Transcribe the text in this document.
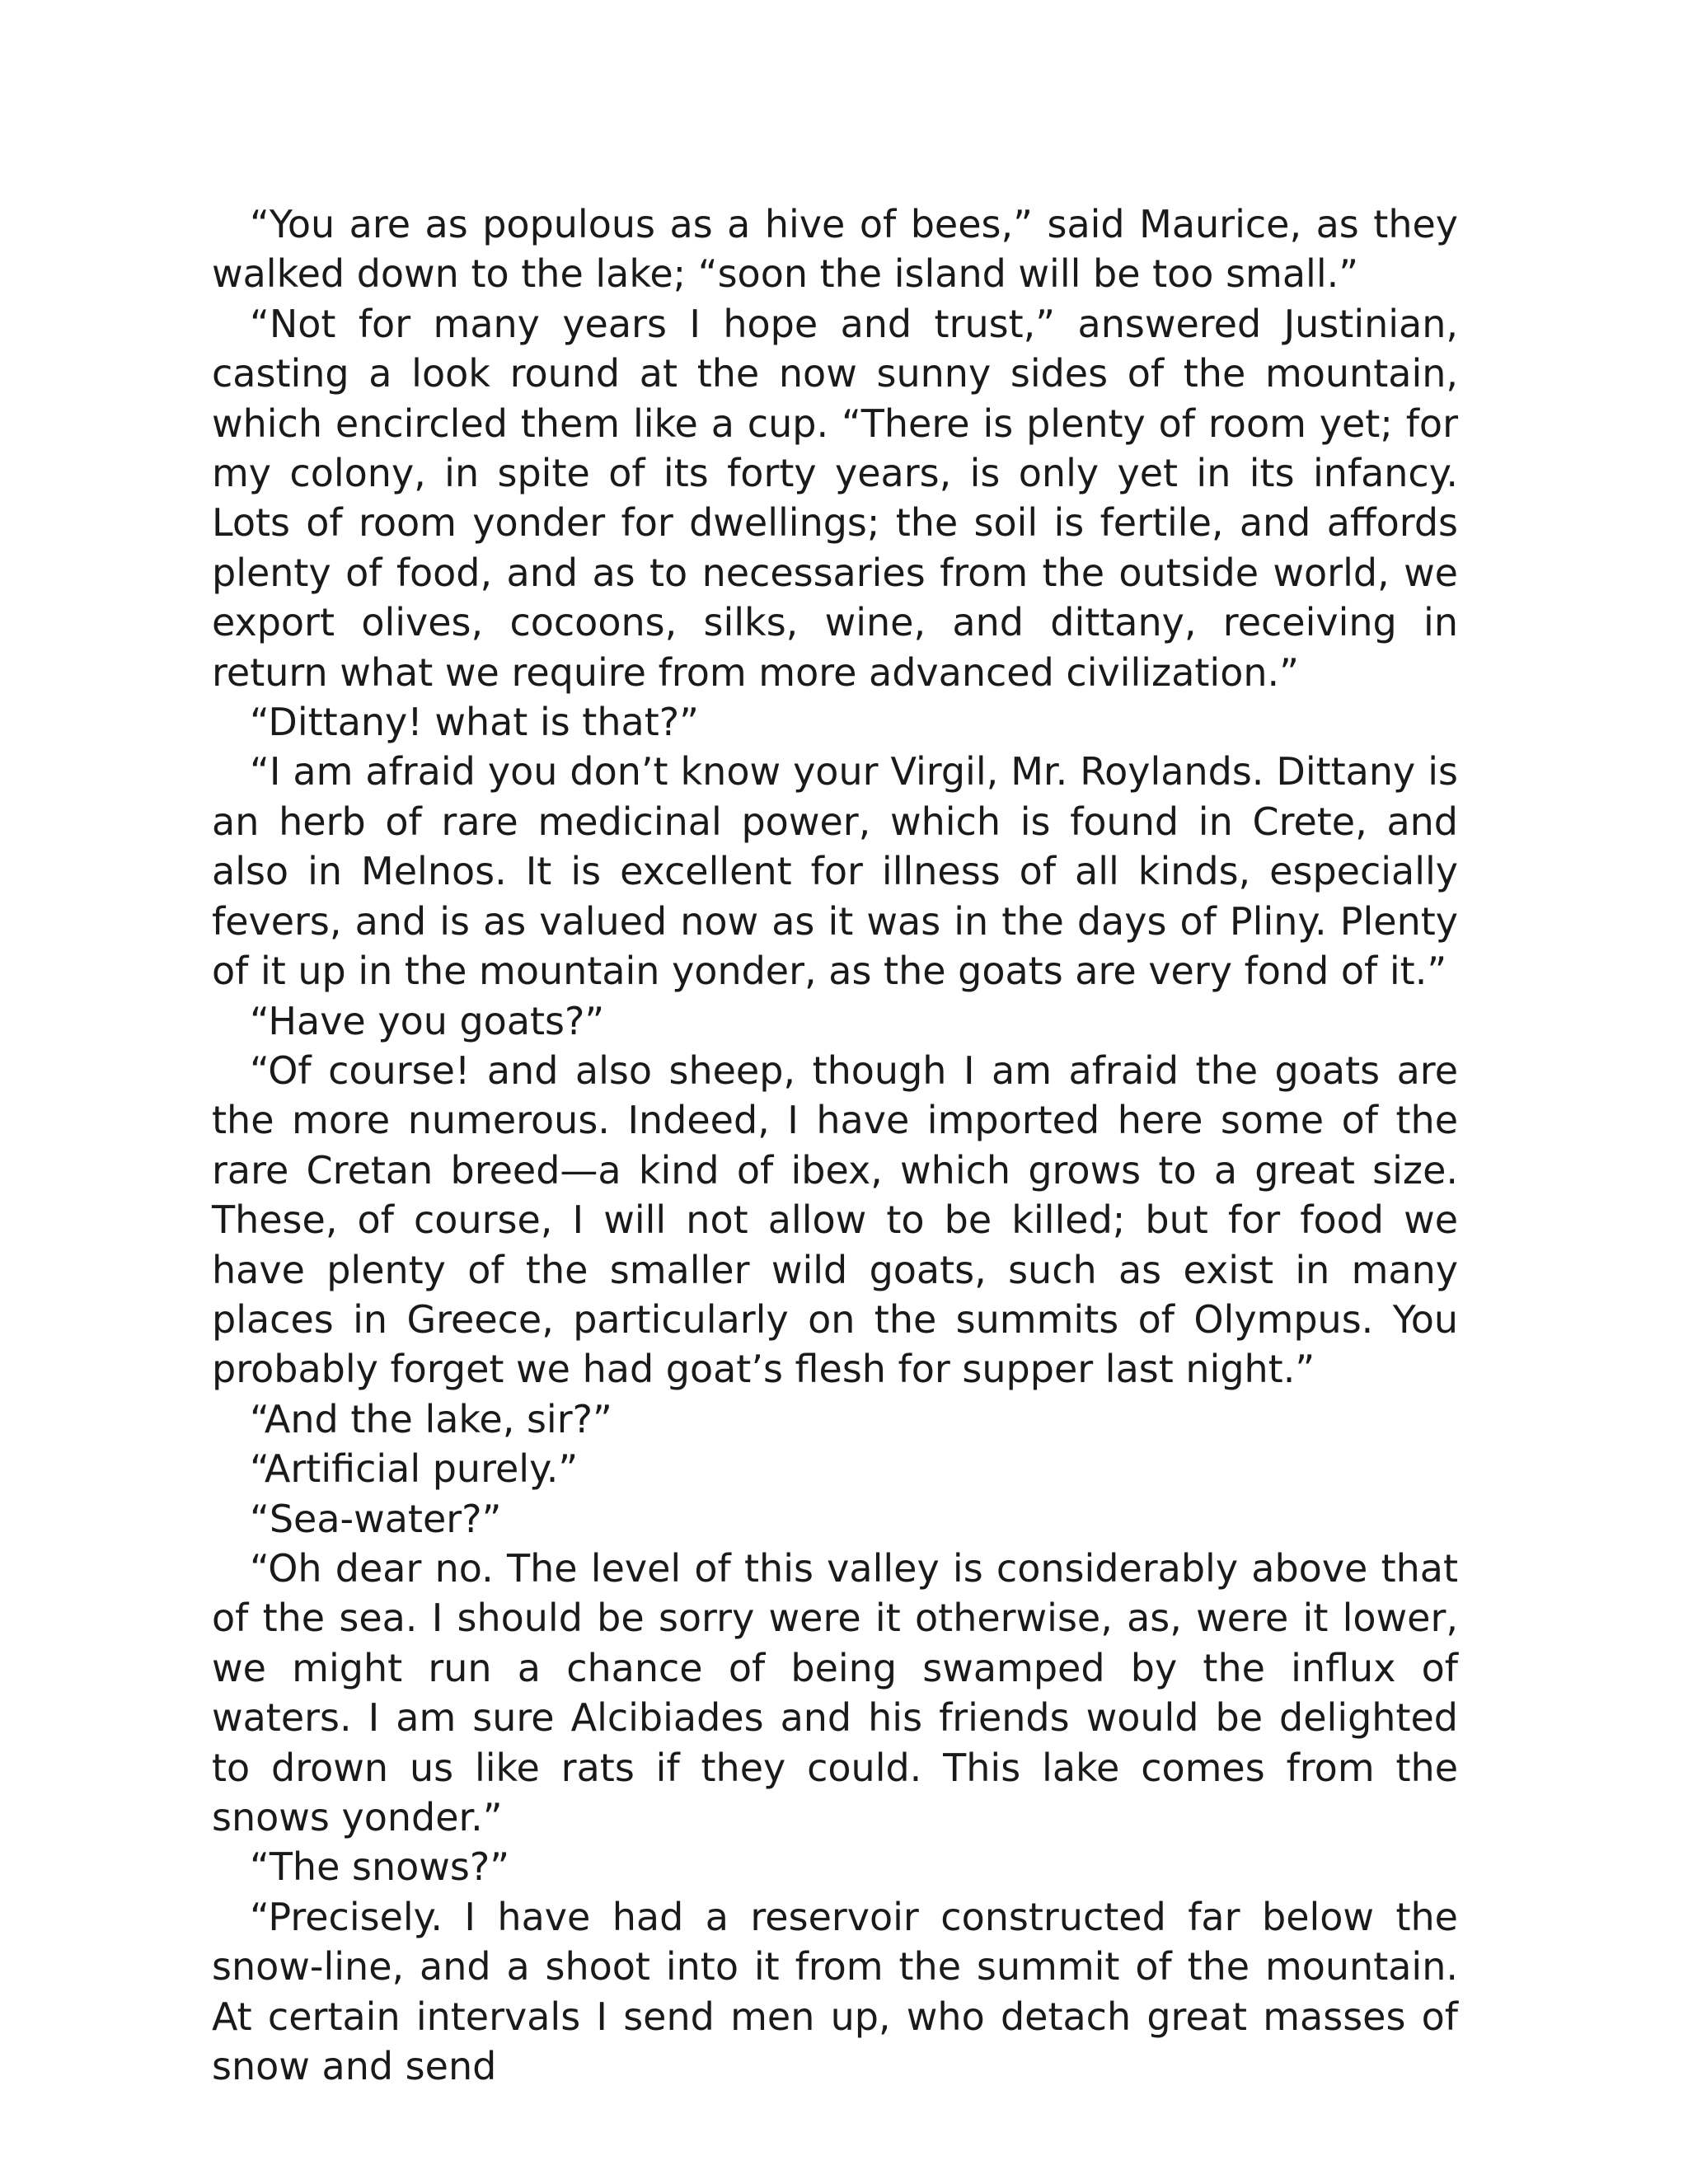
“You are as populous as a hive of bees,” said Maurice, as they walked down to the lake; “soon the island will be too small.”

“Not for many years I hope and trust,” answered Justinian, casting a look round at the now sunny sides of the mountain, which encircled them like a cup. “There is plenty of room yet; for my colony, in spite of its forty years, is only yet in its infancy. Lots of room yonder for dwellings; the soil is fertile, and affords plenty of food, and as to necessaries from the outside world, we export olives, cocoons, silks, wine, and dittany, receiving in return what we require from more advanced civilization.”

“Dittany! what is that?”

“I am afraid you don’t know your Virgil, Mr. Roylands. Dittany is an herb of rare medicinal power, which is found in Crete, and also in Melnos. It is excellent for illness of all kinds, especially fevers, and is as valued now as it was in the days of Pliny. Plenty of it up in the mountain yonder, as the goats are very fond of it.”

“Have you goats?”

“Of course! and also sheep, though I am afraid the goats are the more numerous. Indeed, I have imported here some of the rare Cretan breed—a kind of ibex, which grows to a great size. These, of course, I will not allow to be killed; but for food we have plenty of the smaller wild goats, such as exist in many places in Greece, particularly on the summits of Olympus. You probably forget we had goat’s flesh for supper last night.”

“And the lake, sir?”

“Artificial purely.”

“Sea-water?”

“Oh dear no. The level of this valley is considerably above that of the sea. I should be sorry were it otherwise, as, were it lower, we might run a chance of being swamped by the influx of waters. I am sure Alcibiades and his friends would be delighted to drown us like rats if they could. This lake comes from the snows yonder.”

“The snows?”

“Precisely. I have had a reservoir constructed far below the snow-line, and a shoot into it from the summit of the mountain. At certain intervals I send men up, who detach great masses of snow and send
